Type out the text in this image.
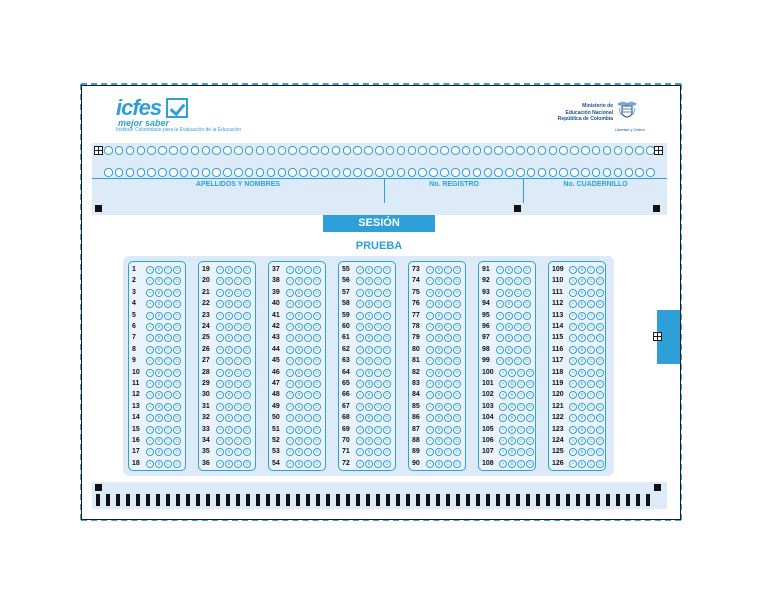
icfes
mejor saber
Instituto Colombiano para la Evaluación de la Educación
Ministerio de
Educación Nacional
República de Colombia
Libertad y Orden
APELLIDOS Y NOMBRES	No. REGISTRO	No. CUADERNILLO
SESIÓN
PRUEBA
1	A	B	C	D
2	A	B	C	D
3	A	B	C	D
4	A	B	C	D
5	A	B	C	D
6	A	B	C	D
7	A	B	C	D
8	A	B	C	D
9	A	B	C	D
10	A	B	C	D
11	A	B	C	D
12	A	B	C	D
13	A	B	C	D
14	A	B	C	D
15	A	B	C	D
16	A	B	C	D
17	A	B	C	D
18	A	B	C	D
19	A	B	C	D
20	A	B	C	D
21	A	B	C	D
22	A	B	C	D
23	A	B	C	D
24	A	B	C	D
25	A	B	C	D
26	A	B	C	D
27	A	B	C	D
28	A	B	C	D
29	A	B	C	D
30	A	B	C	D
31	A	B	C	D
32	A	B	C	D
33	A	B	C	D
34	A	B	C	D
35	A	B	C	D
36	A	B	C	D
37	A	B	C	D
38	A	B	C	D
39	A	B	C	D
40	A	B	C	D
41	A	B	C	D
42	A	B	C	D
43	A	B	C	D
44	A	B	C	D
45	A	B	C	D
46	A	B	C	D
47	A	B	C	D
48	A	B	C	D
49	A	B	C	D
50	A	B	C	D
51	A	B	C	D
52	A	B	C	D
53	A	B	C	D
54	A	B	C	D
55	A	B	C	D
56	A	B	C	D
57	A	B	C	D
58	A	B	C	D
59	A	B	C	D
60	A	B	C	D
61	A	B	C	D
62	A	B	C	D
63	A	B	C	D
64	A	B	C	D
65	A	B	C	D
66	A	B	C	D
67	A	B	C	D
68	A	B	C	D
69	A	B	C	D
70	A	B	C	D
71	A	B	C	D
72	A	B	C	D
73	A	B	C	D
74	A	B	C	D
75	A	B	C	D
76	A	B	C	D
77	A	B	C	D
78	A	B	C	D
79	A	B	C	D
80	A	B	C	D
81	A	B	C	D
82	A	B	C	D
83	A	B	C	D
84	A	B	C	D
85	A	B	C	D
86	A	B	C	D
87	A	B	C	D
88	A	B	C	D
89	A	B	C	D
90	A	B	C	D
91	A	B	C	D
92	A	B	C	D
93	A	B	C	D
94	A	B	C	D
95	A	B	C	D
96	A	B	C	D
97	A	B	C	D
98	A	B	C	D
99	A	B	C	D
100	A	B	C	D
101	A	B	C	D
102	A	B	C	D
103	A	B	C	D
104	A	B	C	D
105	A	B	C	D
106	A	B	C	D
107	A	B	C	D
108	A	B	C	D
109	A	B	C	D
110	A	B	C	D
111	A	B	C	D
112	A	B	C	D
113	A	B	C	D
114	A	B	C	D
115	A	B	C	D
116	A	B	C	D
117	A	B	C	D
118	A	B	C	D
119	A	B	C	D
120	A	B	C	D
121	A	B	C	D
122	A	B	C	D
123	A	B	C	D
124	A	B	C	D
125	A	B	C	D
126	A	B	C	D
